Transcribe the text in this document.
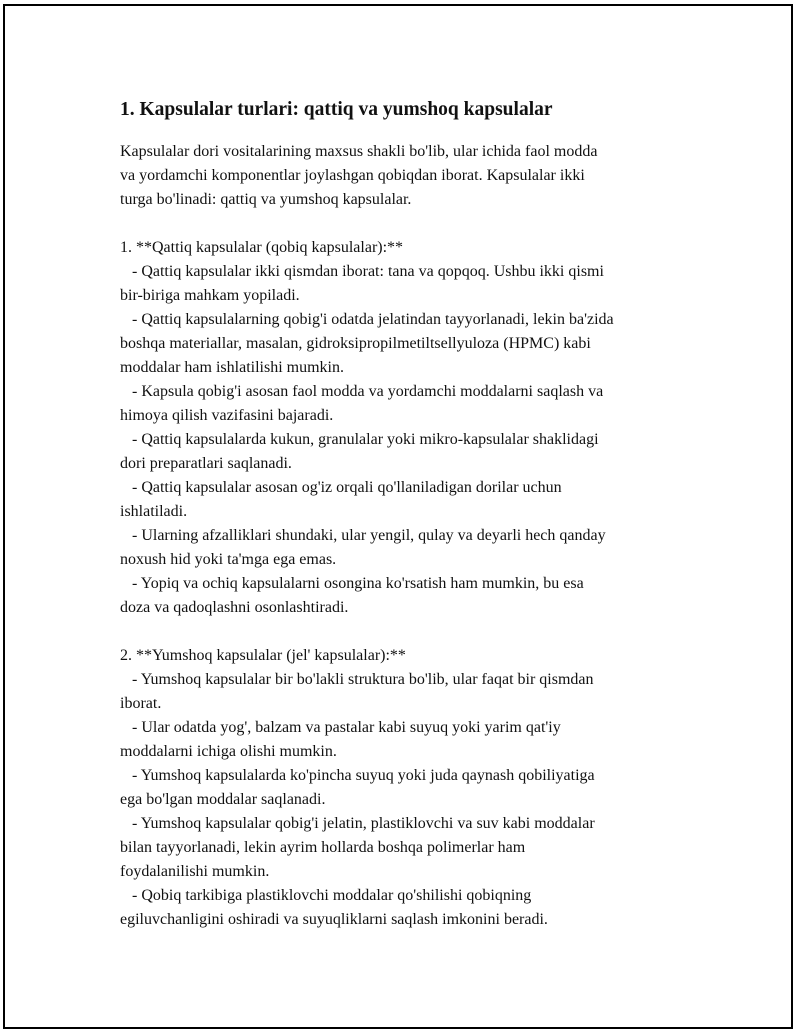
1. Kapsulalar turlari: qattiq va yumshoq kapsulalar
Kapsulalar dori vositalarining maxsus shakli bo'lib, ular ichida faol modda
va yordamchi komponentlar joylashgan qobiqdan iborat. Kapsulalar ikki
turga bo'linadi: qattiq va yumshoq kapsulalar.
1. **Qattiq kapsulalar (qobiq kapsulalar):**
- Qattiq kapsulalar ikki qismdan iborat: tana va qopqoq. Ushbu ikki qismi
bir-biriga mahkam yopiladi.
- Qattiq kapsulalarning qobig'i odatda jelatindan tayyorlanadi, lekin ba'zida
boshqa materiallar, masalan, gidroksipropilmetiltsellyuloza (HPMC) kabi
moddalar ham ishlatilishi mumkin.
- Kapsula qobig'i asosan faol modda va yordamchi moddalarni saqlash va
himoya qilish vazifasini bajaradi.
- Qattiq kapsulalarda kukun, granulalar yoki mikro-kapsulalar shaklidagi
dori preparatlari saqlanadi.
- Qattiq kapsulalar asosan og'iz orqali qo'llaniladigan dorilar uchun
ishlatiladi.
- Ularning afzalliklari shundaki, ular yengil, qulay va deyarli hech qanday
noxush hid yoki ta'mga ega emas.
- Yopiq va ochiq kapsulalarni osongina ko'rsatish ham mumkin, bu esa
doza va qadoqlashni osonlashtiradi.
2. **Yumshoq kapsulalar (jel' kapsulalar):**
- Yumshoq kapsulalar bir bo'lakli struktura bo'lib, ular faqat bir qismdan
iborat.
- Ular odatda yog', balzam va pastalar kabi suyuq yoki yarim qat'iy
moddalarni ichiga olishi mumkin.
- Yumshoq kapsulalarda ko'pincha suyuq yoki juda qaynash qobiliyatiga
ega bo'lgan moddalar saqlanadi.
- Yumshoq kapsulalar qobig'i jelatin, plastiklovchi va suv kabi moddalar
bilan tayyorlanadi, lekin ayrim hollarda boshqa polimerlar ham
foydalanilishi mumkin.
- Qobiq tarkibiga plastiklovchi moddalar qo'shilishi qobiqning
egiluvchanligini oshiradi va suyuqliklarni saqlash imkonini beradi.
